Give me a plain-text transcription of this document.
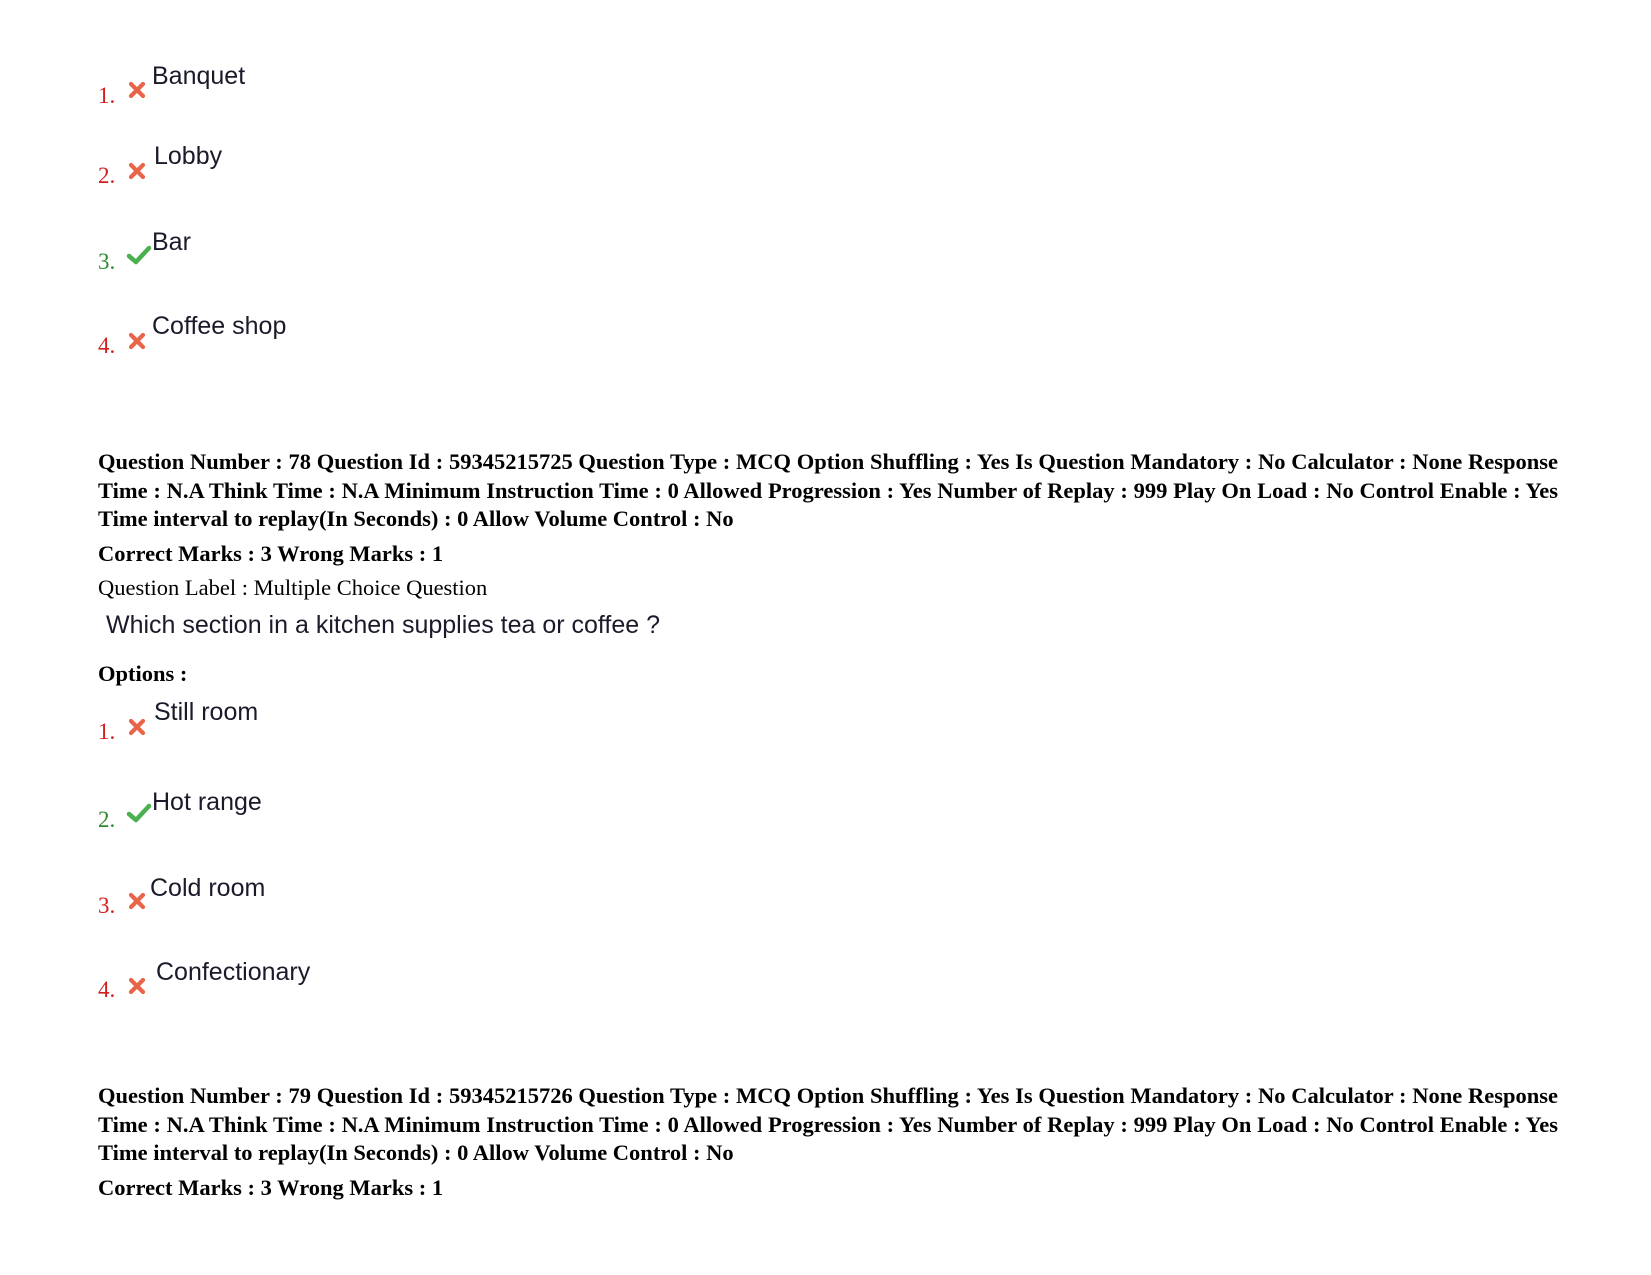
1.
Banquet
2.
Lobby
3.
Bar
4.
Coffee shop
Question Number : 78 Question Id : 59345215725 Question Type : MCQ Option Shuffling : Yes Is Question Mandatory : No Calculator : None Response Time : N.A Think Time : N.A Minimum Instruction Time : 0 Allowed Progression : Yes Number of Replay : 999 Play On Load : No Control Enable : Yes Time interval to replay(In Seconds) : 0 Allow Volume Control : No
Correct Marks : 3 Wrong Marks : 1
Question Label : Multiple Choice Question
Which section in a kitchen supplies tea or coffee ?
Options :
1.
Still room
2.
Hot range
3.
Cold room
4.
Confectionary
Question Number : 79 Question Id : 59345215726 Question Type : MCQ Option Shuffling : Yes Is Question Mandatory : No Calculator : None Response Time : N.A Think Time : N.A Minimum Instruction Time : 0 Allowed Progression : Yes Number of Replay : 999 Play On Load : No Control Enable : Yes Time interval to replay(In Seconds) : 0 Allow Volume Control : No
Correct Marks : 3 Wrong Marks : 1
